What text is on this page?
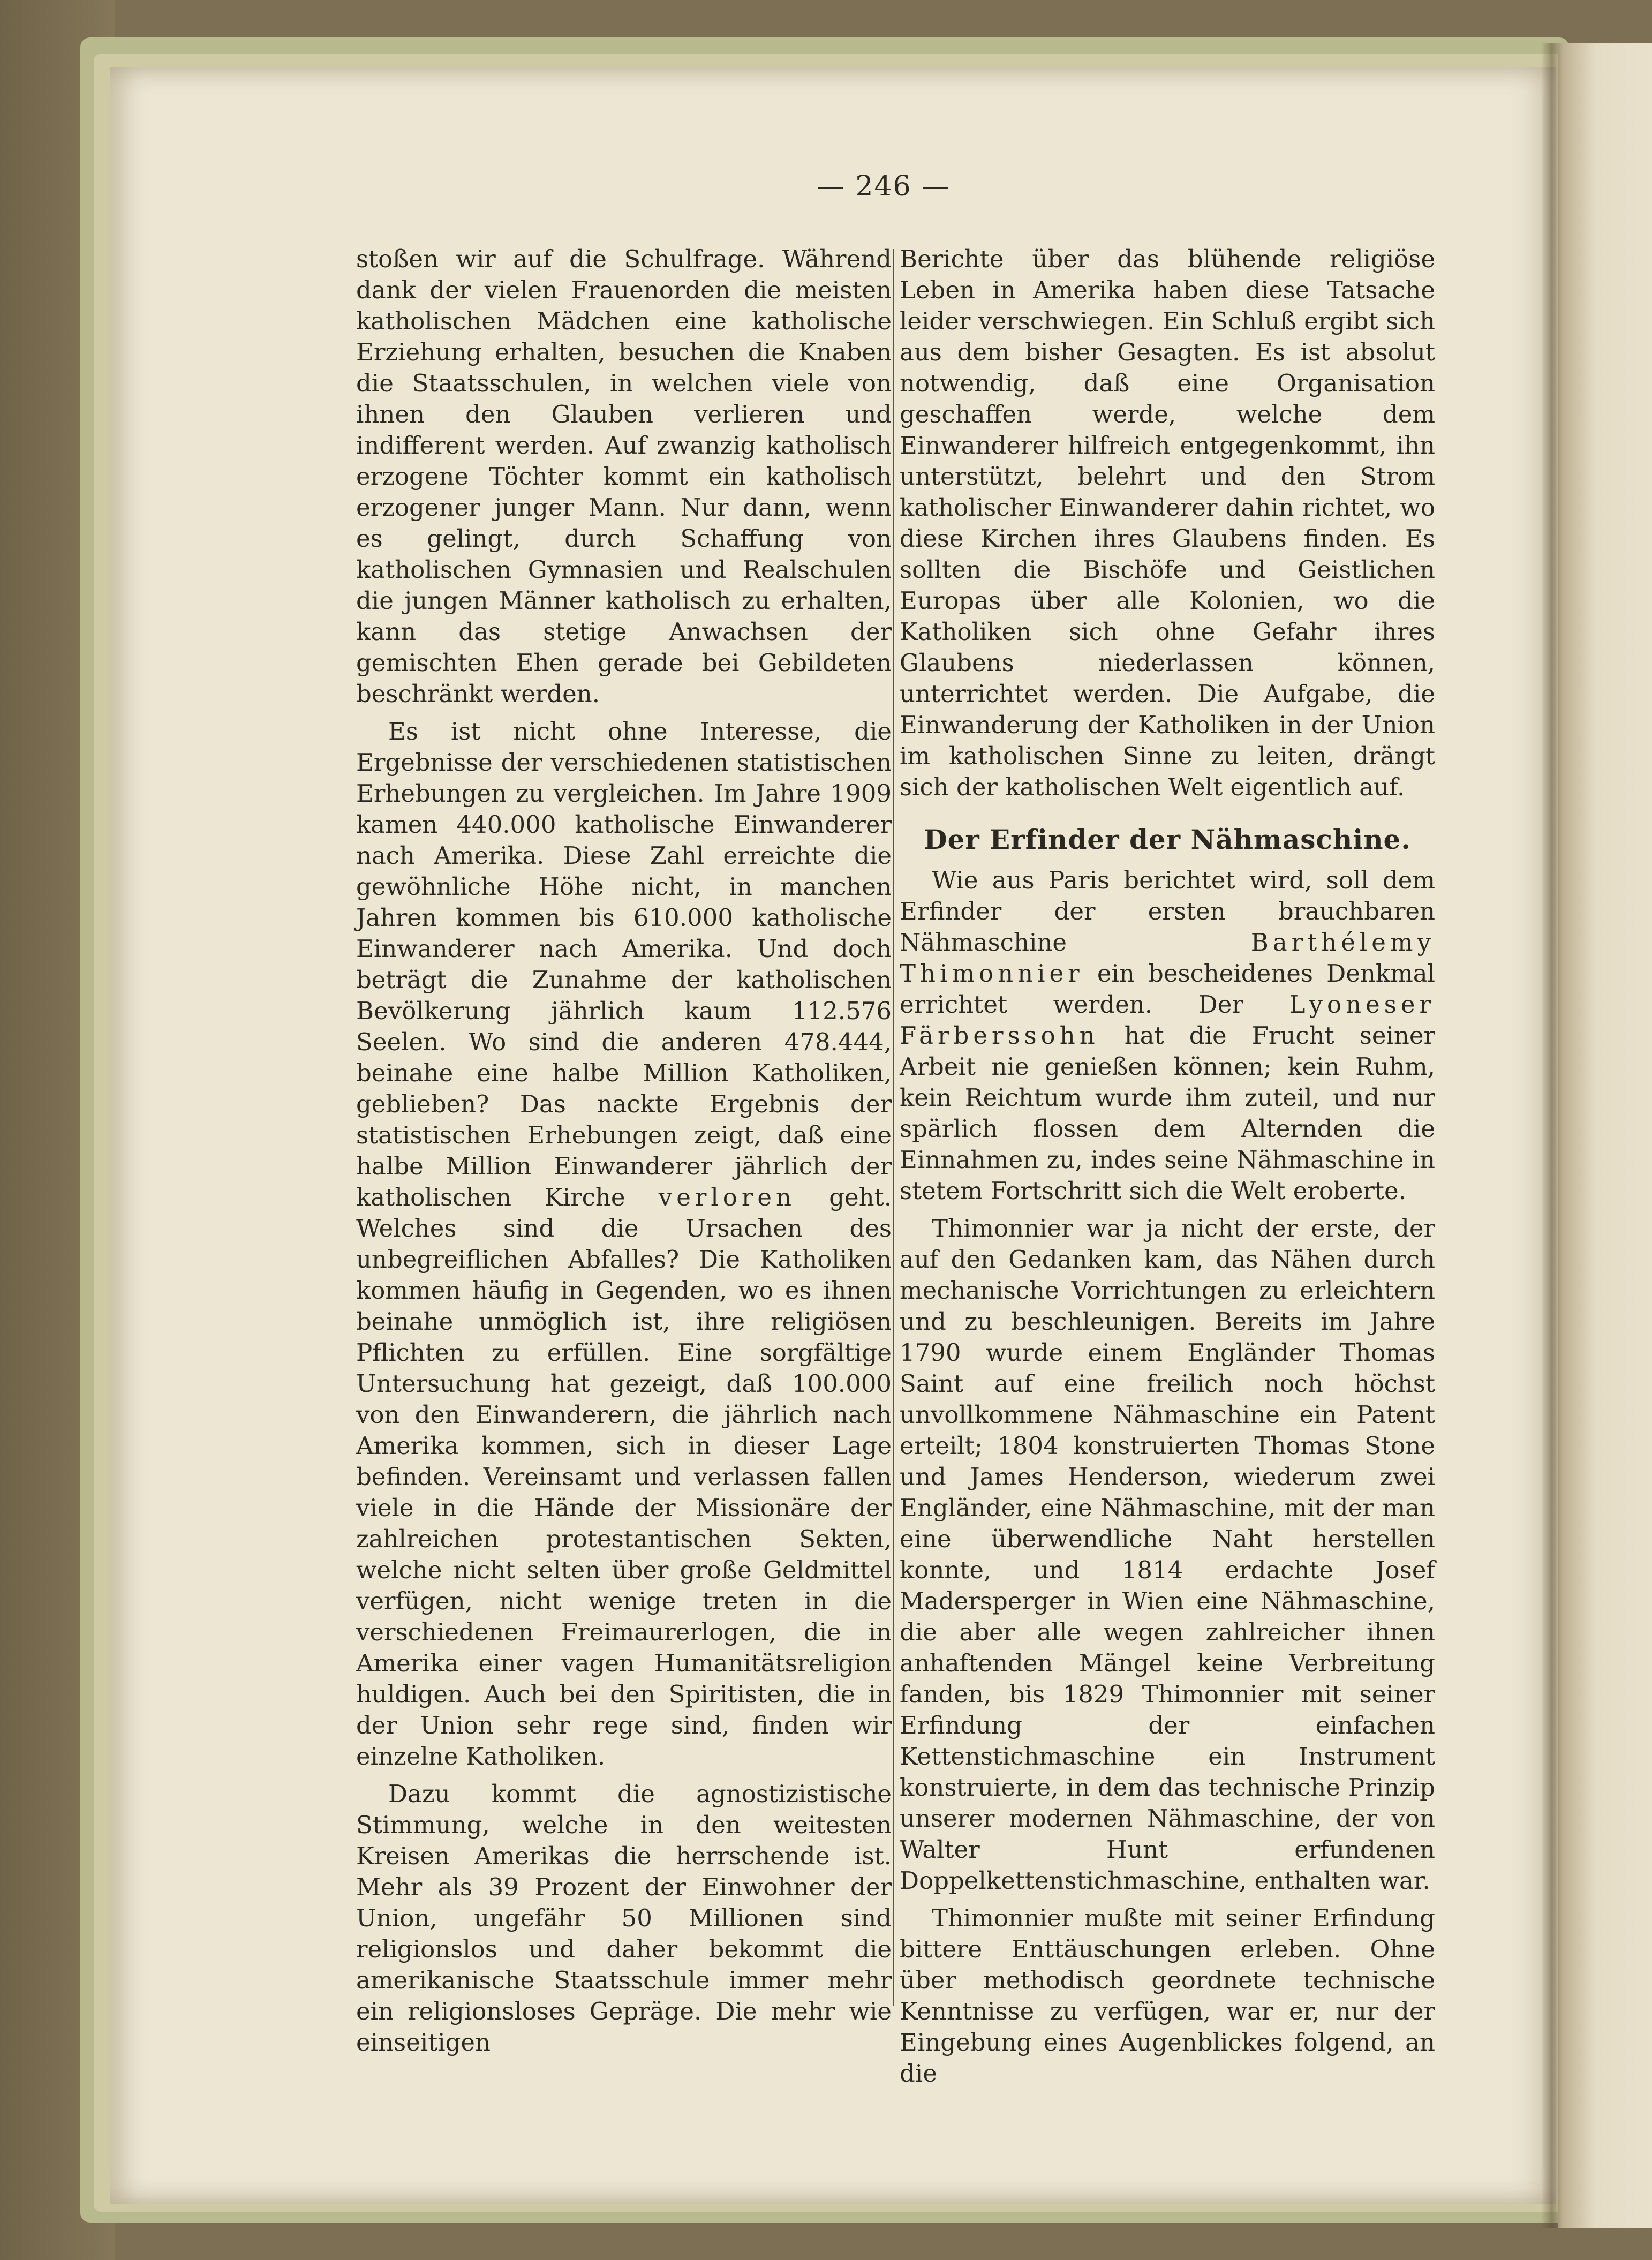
— 246 —

stoßen wir auf die Schulfrage. Während dank der vielen Frauenorden die meisten katholischen Mädchen eine katholische Erziehung erhalten, besuchen die Knaben die Staatsschulen, in welchen viele von ihnen den Glauben verlieren und indifferent werden. Auf zwanzig katholisch erzogene Töchter kommt ein katholisch erzogener junger Mann. Nur dann, wenn es gelingt, durch Schaffung von katholischen Gymnasien und Realschulen die jungen Männer katholisch zu erhalten, kann das stetige Anwachsen der gemischten Ehen gerade bei Gebildeten beschränkt werden.

Es ist nicht ohne Interesse, die Ergebnisse der verschiedenen statistischen Erhebungen zu vergleichen. Im Jahre 1909 kamen 440.000 katholische Einwanderer nach Amerika. Diese Zahl erreichte die gewöhnliche Höhe nicht, in manchen Jahren kommen bis 610.000 katholische Einwanderer nach Amerika. Und doch beträgt die Zunahme der katholischen Bevölkerung jährlich kaum 112.576 Seelen. Wo sind die anderen 478.444, beinahe eine halbe Million Katholiken, geblieben? Das nackte Ergebnis der statistischen Erhebungen zeigt, daß eine halbe Million Einwanderer jährlich der katholischen Kirche verloren geht. Welches sind die Ursachen des unbegreiflichen Abfalles? Die Katholiken kommen häufig in Gegenden, wo es ihnen beinahe unmöglich ist, ihre religiösen Pflichten zu erfüllen. Eine sorgfältige Untersuchung hat gezeigt, daß 100.000 von den Einwanderern, die jährlich nach Amerika kommen, sich in dieser Lage befinden. Vereinsamt und verlassen fallen viele in die Hände der Missionäre der zahlreichen protestantischen Sekten, welche nicht selten über große Geldmittel verfügen, nicht wenige treten in die verschiedenen Freimaurerlogen, die in Amerika einer vagen Humanitätsreligion huldigen. Auch bei den Spiritisten, die in der Union sehr rege sind, finden wir einzelne Katholiken.

Dazu kommt die agnostizistische Stimmung, welche in den weitesten Kreisen Amerikas die herrschende ist. Mehr als 39 Prozent der Einwohner der Union, ungefähr 50 Millionen sind religionslos und daher bekommt die amerikanische Staatsschule immer mehr ein religionsloses Gepräge. Die mehr wie einseitigen

Berichte über das blühende religiöse Leben in Amerika haben diese Tatsache leider verschwiegen. Ein Schluß ergibt sich aus dem bisher Gesagten. Es ist absolut notwendig, daß eine Organisation geschaffen werde, welche dem Einwanderer hilfreich entgegenkommt, ihn unterstützt, belehrt und den Strom katholischer Einwanderer dahin richtet, wo diese Kirchen ihres Glaubens finden. Es sollten die Bischöfe und Geistlichen Europas über alle Kolonien, wo die Katholiken sich ohne Gefahr ihres Glaubens niederlassen können, unterrichtet werden. Die Aufgabe, die Einwanderung der Katholiken in der Union im katholischen Sinne zu leiten, drängt sich der katholischen Welt eigentlich auf.

Der Erfinder der Nähmaschine.

Wie aus Paris berichtet wird, soll dem Erfinder der ersten brauchbaren Nähmaschine	Barthélemy Thimonnier ein bescheidenes Denkmal errichtet werden. Der Lyoneser Färberssohn hat die Frucht seiner Arbeit nie genießen können; kein Ruhm, kein Reichtum wurde ihm zuteil, und nur spärlich flossen dem Alternden die Einnahmen zu, indes seine Nähmaschine in stetem Fortschritt sich die Welt eroberte.

Thimonnier war ja nicht der erste, der auf den Gedanken kam, das Nähen durch mechanische Vorrichtungen zu erleichtern und zu beschleunigen. Bereits im Jahre 1790 wurde einem Engländer Thomas Saint auf eine freilich noch höchst unvollkommene Nähmaschine ein Patent erteilt; 1804 konstruierten Thomas Stone und James Henderson, wiederum zwei Engländer, eine Nähmaschine, mit der man eine überwendliche Naht herstellen konnte, und 1814 erdachte Josef Madersperger in Wien eine Nähmaschine, die aber alle wegen zahlreicher ihnen anhaftenden Mängel keine Verbreitung fanden, bis 1829 Thimonnier mit seiner Erfindung der einfachen Kettenstichmaschine ein Instrument konstruierte, in dem das technische Prinzip unserer modernen Nähmaschine, der von Walter Hunt erfundenen Doppelkettenstichmaschine, enthalten war.

Thimonnier mußte mit seiner Erfindung bittere Enttäuschungen erleben. Ohne über methodisch geordnete technische Kenntnisse zu verfügen, war er, nur der Eingebung eines Augenblickes folgend, an die
